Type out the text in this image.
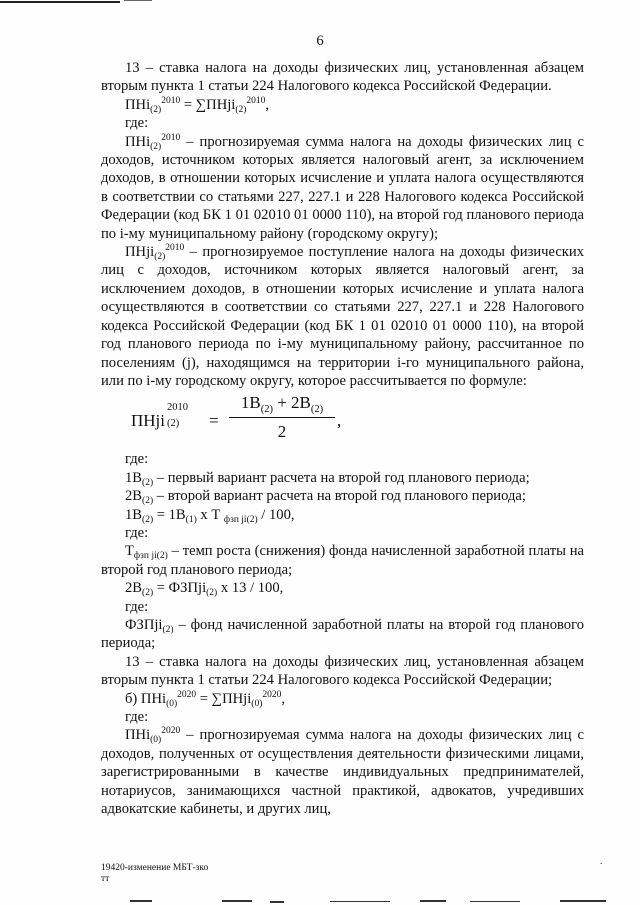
6

13 – ставка налога на доходы физических лиц, установленная абзацем вторым пункта 1 статьи 224 Налогового кодекса Российской Федерации.

ПНi$_{(2)}^{2010}$ = ∑ПНji$_{(2)}^{2010}$,

где:

ПНi$_{(2)}^{2010}$ – прогнозируемая сумма налога на доходы физических лиц с доходов, источником которых является налоговый агент, за исключением доходов, в отношении которых исчисление и уплата налога осуществляются в соответствии со статьями 227, 227.1 и 228 Налогового кодекса Российской Федерации (код БК 1 01 02010 01 0000 110), на второй год планового периода по i-му муниципальному району (городскому округу);

ПНji$_{(2)}^{2010}$ – прогнозируемое поступление налога на доходы физических лиц с доходов, источником которых является налоговый агент, за исключением доходов, в отношении которых исчисление и уплата налога осуществляются в соответствии со статьями 227, 227.1 и 228 Налогового кодекса Российской Федерации (код БК 1 01 02010 01 0000 110), на второй год планового периода по i-му муниципальному району, рассчитанное по поселениям (j), находящимся на территории i-го муниципального района, или по i-му городскому округу, которое рассчитывается по формуле:

ПНji
2010
(2) =
$1В_{(2)} + 2В_{(2)}$
2
,

где:

$1В_{(2)}$ – первый вариант расчета на второй год планового периода;

$2В_{(2)}$ – второй вариант расчета на второй год планового периода;

$1В_{(2)} = 1В_{(1)}$ х Т $_{фзп ji(2)}$ / 100,

где:

$Т_{фзп ji(2)}$ – темп роста (снижения) фонда начисленной заработной платы на второй год планового периода;

$2В_{(2)}$ = ФЗПji$_{(2)}$ х 13 / 100,

где:

ФЗПji$_{(2)}$ – фонд начисленной заработной платы на второй год планового периода;

13 – ставка налога на доходы физических лиц, установленная абзацем вторым пункта 1 статьи 224 Налогового кодекса Российской Федерации;

б) ПНi$_{(0)}^{2020}$ = ∑ПНji$_{(0)}^{2020}$,

где:

ПНi$_{(0)}^{2020}$ – прогнозируемая сумма налога на доходы физических лиц с доходов, полученных от осуществления деятельности физическими лицами, зарегистрированными в качестве индивидуальных предпринимателей, нотариусов, занимающихся частной практикой, адвокатов, учредивших адвокатские кабинеты, и других лиц,

.
19420-изменение МБТ-зко
тт
